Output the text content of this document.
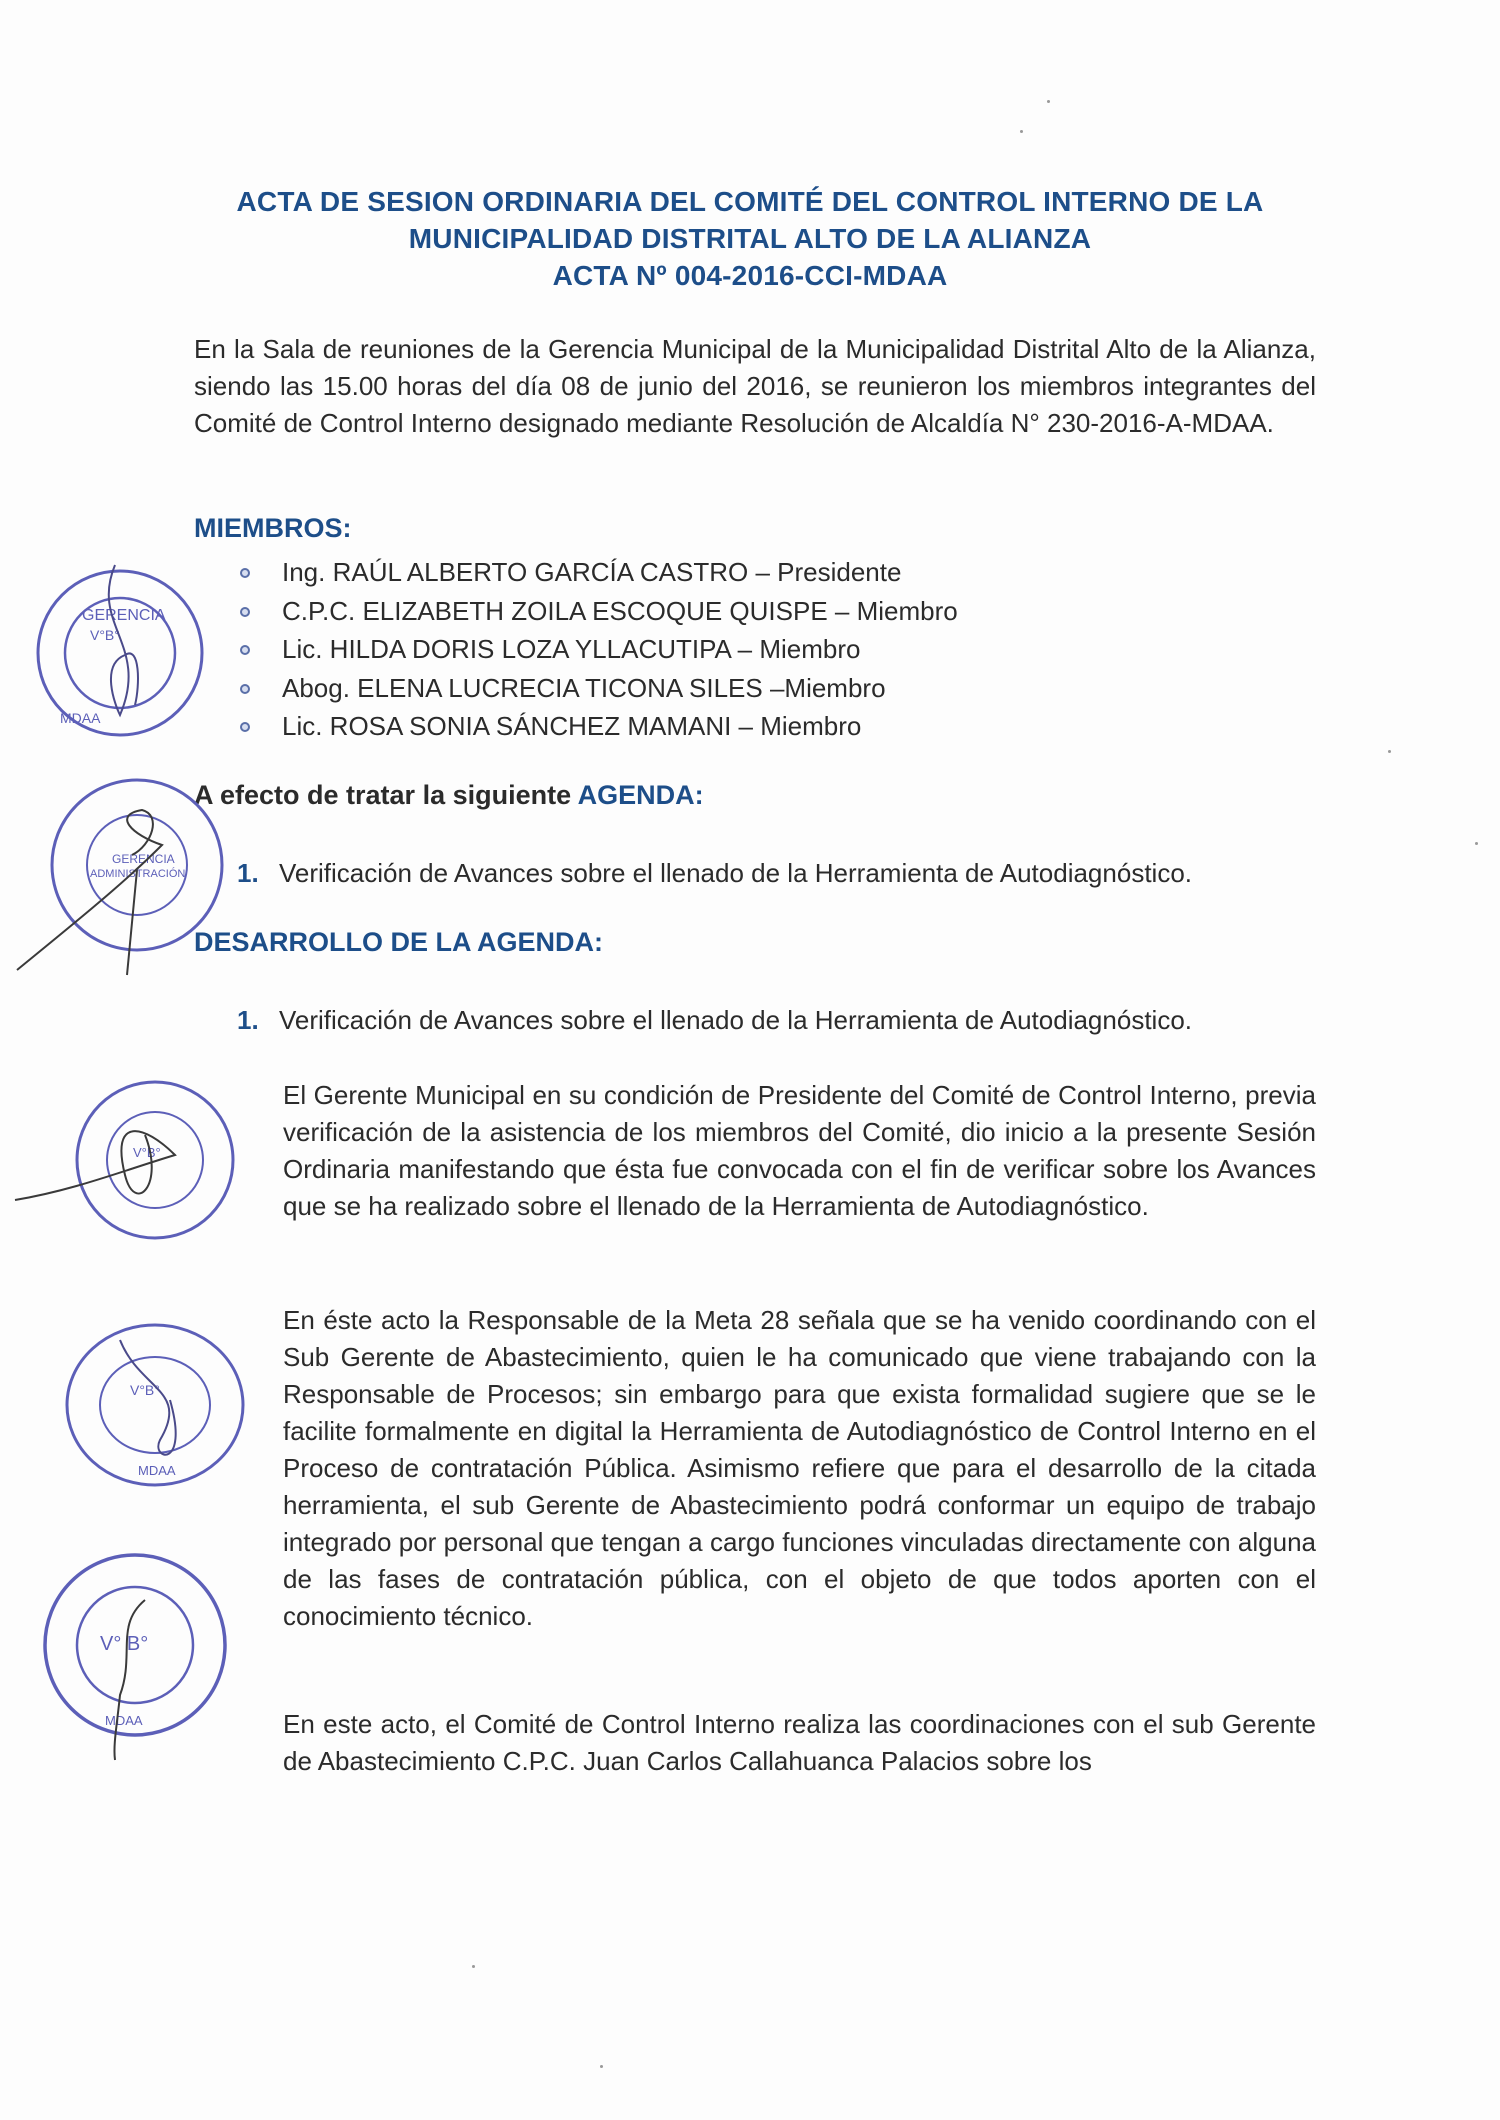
ACTA DE SESION ORDINARIA DEL COMITÉ DEL CONTROL INTERNO DE LA
MUNICIPALIDAD DISTRITAL ALTO DE LA ALIANZA
ACTA Nº 004-2016-CCI-MDAA
En la Sala de reuniones de la Gerencia Municipal de la Municipalidad Distrital Alto de la Alianza, siendo las 15.00 horas del día 08 de junio del 2016, se reunieron los miembros integrantes del Comité de Control Interno designado mediante Resolución de Alcaldía N° 230-2016-A-MDAA.
MIEMBROS:
Ing. RAÚL ALBERTO GARCÍA CASTRO – Presidente
C.P.C. ELIZABETH ZOILA ESCOQUE QUISPE – Miembro
Lic. HILDA DORIS LOZA YLLACUTIPA – Miembro
Abog. ELENA LUCRECIA TICONA SILES –Miembro
Lic. ROSA SONIA SÁNCHEZ MAMANI – Miembro
A efecto de tratar la siguiente AGENDA:
1. Verificación de Avances sobre el llenado de la Herramienta de Autodiagnóstico.
DESARROLLO DE LA AGENDA:
1. Verificación de Avances sobre el llenado de la Herramienta de Autodiagnóstico.
El Gerente Municipal en su condición de Presidente del Comité de Control Interno, previa verificación de la asistencia de los miembros del Comité, dio inicio a la presente Sesión Ordinaria manifestando que ésta fue convocada con el fin de verificar sobre los Avances que se ha realizado sobre el llenado de la Herramienta de Autodiagnóstico.
En éste acto la Responsable de la Meta 28 señala que se ha venido coordinando con el Sub Gerente de Abastecimiento, quien le ha comunicado que viene trabajando con la Responsable de Procesos; sin embargo para que exista formalidad sugiere que se le facilite formalmente en digital la Herramienta de Autodiagnóstico de Control Interno en el Proceso de contratación Pública. Asimismo refiere que para el desarrollo de la citada herramienta, el sub Gerente de Abastecimiento podrá conformar un equipo de trabajo integrado por personal que tengan a cargo funciones vinculadas directamente con alguna de las fases de contratación pública, con el objeto de que todos aporten con el conocimiento técnico.
En este acto, el Comité de Control Interno realiza las coordinaciones con el sub Gerente de Abastecimiento C.P.C. Juan Carlos Callahuanca Palacios sobre los
GERENCIA
V°B°
MDAA
GERENCIA
ADMINISTRACIÓN
V°B°
V°B°
MDAA
V° B°
MDAA
